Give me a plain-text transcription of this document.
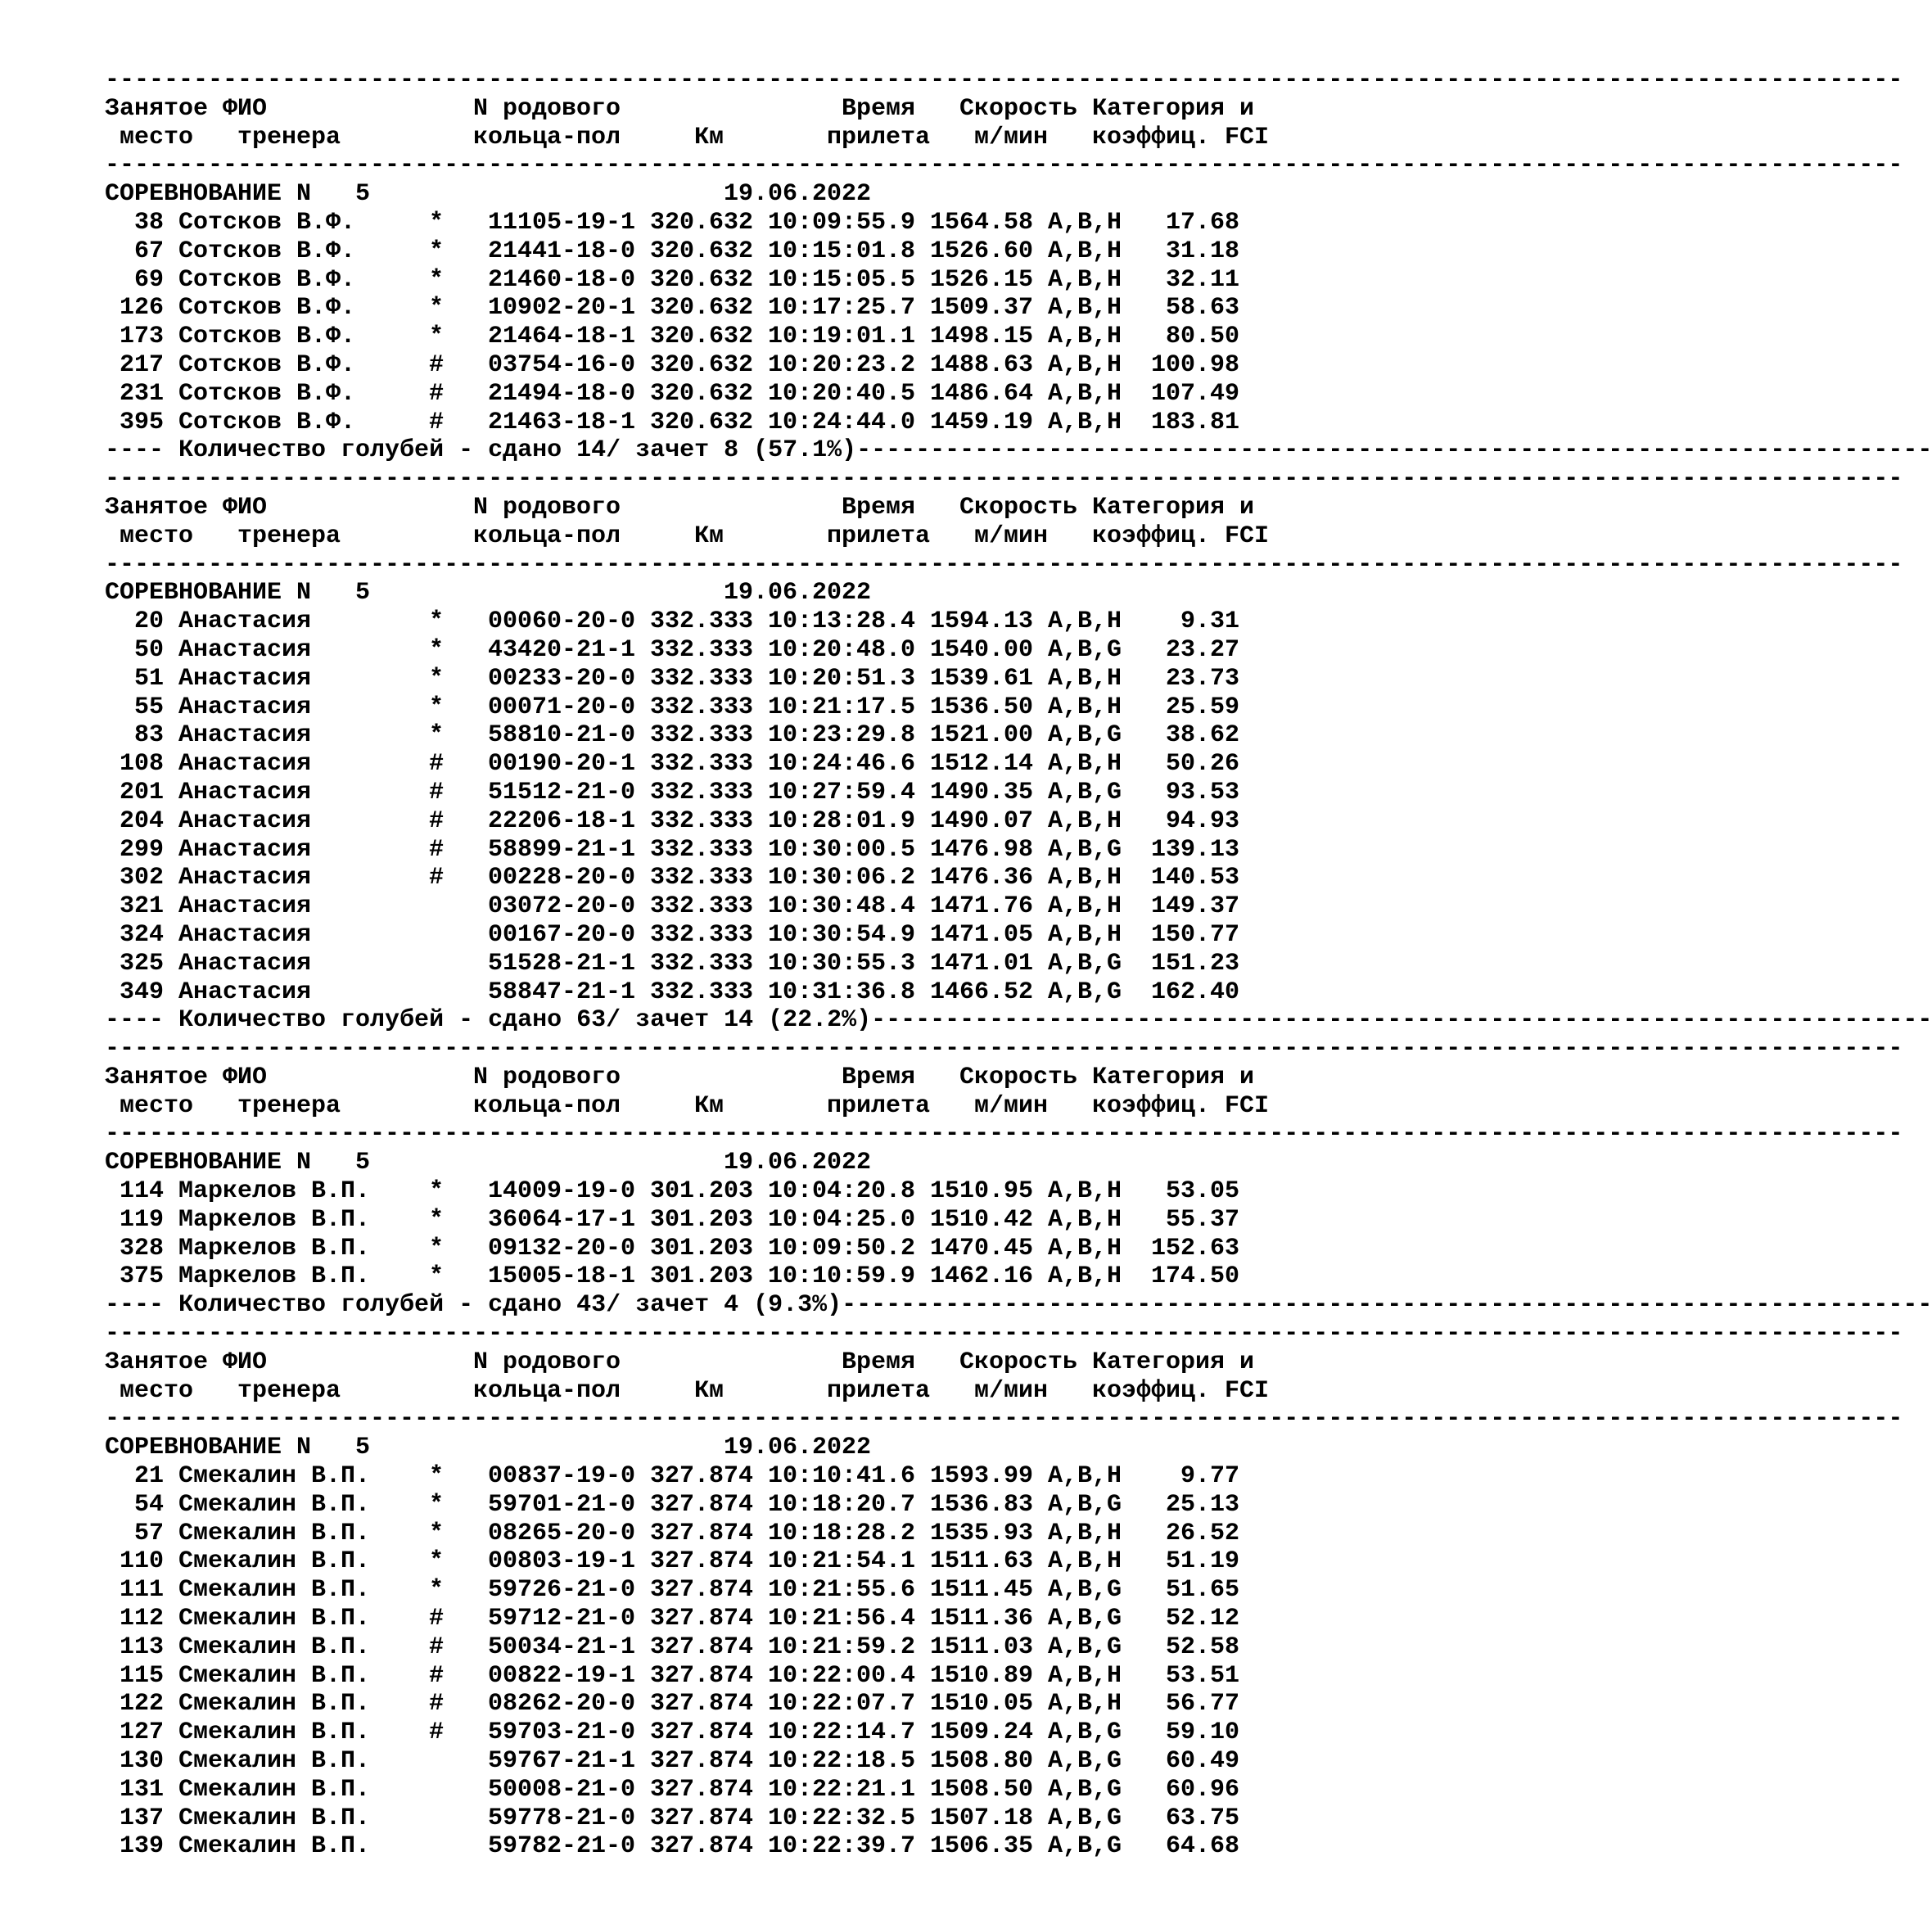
--------------------------------------------------------------------------------------------------------------------------
Занятое ФИО	N родового	Время Скорость Категория и
место тренера	кольца-пол	Км	прилета м/мин коэфф иц. FCI
--------------------------------------------------------------------------------------------------------------------------
СОРЕВНОВАНИЕ N 5	19.06.2022
38 Сотсков В.Ф.	* 11105-19-1 320.632 10:09:55.9 1564.58 A,B,H	17.68
67 Сотсков В.Ф.	* 21441-18-0 320.632 10:15:01.8 1526.60 A,B,H	31.18
69 Сотсков В.Ф.	* 21460-18-0 320.632 10:15:05.5 1526.15 A,B,H	32.11
126 Сотсков В.Ф.	* 10902-20-1 320.632 10:17:25.7 1509.37 A,B,H	58.63
173 Сотсков В.Ф.	* 21464-18-1 320.632 10:19:01.1 1498.15 A,B,H	80.50
217 Сотсков В.Ф.	# 03754-16-0 320.632 10:20:23.2 1488.63 A,B,H 100.98
231 Сотсков В.Ф.	# 21494-18-0 320.632 10:20:40.5 1486.64 A,B,H 107.49
395 Сотсков В.Ф.	# 21463-18-1 320.632 10:24:44.0 1459.19 A,B,H 183.81
---- Количество голубей - сдано 14/ зачет 8 (57.1%)-------------------------------------------------------------------------
--------------------------------------------------------------------------------------------------------------------------
Занятое ФИО	N родового	Время Скорость Категория и
место тренера	кольца-пол	Км	прилета м/мин коэфф иц. FCI
--------------------------------------------------------------------------------------------------------------------------
СОРЕВНОВАНИЕ N 5	19.06.2022
20 Анастасия	* 00060-20-0 332.333 10:13:28.4 1594.13 A,B,H	9.31
50 Анастасия	* 43420-21-1 332.333 10:20:48.0 1540.00 A,B,G	23.27
51 Анастасия	* 00233-20-0 332.333 10:20:51.3 1539.61 A,B,H	23.73
55 Анастасия	* 00071-20-0 332.333 10:21:17.5 1536.50 A,B,H	25.59
83 Анастасия	* 58810-21-0 332.333 10:23:29.8 1521.00 A,B,G	38.62
108 Анастасия	# 00190-20-1 332.333 10:24:46.6 1512.14 A,B,H	50.26
201 Анастасия	# 51512-21-0 332.333 10:27:59.4 1490.35 A,B,G	93.53
204 Анастасия	# 22206-18-1 332.333 10:28:01.9 1490.07 A,B,H	94.93
299 Анастасия	# 58899-21-1 332.333 10:30:00.5 1476.98 A,B,G 139.13
302 Анастасия	# 00228-20-0 332.333 10:30:06.2 1476.36 A,B,H 140.53
321 Анастасия	03072-20-0 332.333 10:30:48.4 1471.76 A,B,H 149.37
324 Анастасия	00167-20-0 332.333 10:30:54.9 1471.05 A,B,H 150.77
325 Анастасия	51528-21-1 332.333 10:30:55.3 1471.01 A,B,G 151.23
349 Анастасия	58847-21-1 332.333 10:31:36.8 1466.52 A,B,G 162.40
---- Количество голубей - сдано 63/ зачет 14 (22.2%)------------------------------------------------------------------------
--------------------------------------------------------------------------------------------------------------------------
Занятое ФИО	N родового	Время Скорость Категория и
место тренера	кольца-пол	Км	прилета м/мин коэфф иц. FCI
--------------------------------------------------------------------------------------------------------------------------
СОРЕВНОВАНИЕ N 5	19.06.2022
114 Маркелов В.П.	* 14009-19-0 301.203 10:04:20.8 1510.95 A,B,H	53.05
119 Маркелов В.П.	* 36064-17-1 301.203 10:04:25.0 1510.42 A,B,H	55.37
328 Маркелов В.П.	* 09132-20-0 301.203 10:09:50.2 1470.45 A,B,H 152.63
375 Маркелов В.П.	* 15005-18-1 301.203 10:10:59.9 1462.16 A,B,H 174.50
---- Количество голубей - сдано 43/ зачет 4 (9.3%)--------------------------------------------------------------------------
--------------------------------------------------------------------------------------------------------------------------
Занятое ФИО	N родового	Время Скорость Категория и
место тренера	кольца-пол	Км	прилета м/мин коэфф иц. FCI
--------------------------------------------------------------------------------------------------------------------------
СОРЕВНОВАНИЕ N 5	19.06.2022
21 Смекалин В.П.	* 00837-19-0 327.874 10:10:41.6 1593.99 A,B,H	9.77
54 Смекалин В.П.	* 59701-21-0 327.874 10:18:20.7 1536.83 A,B,G	25.13
57 Смекалин В.П.	* 08265-20-0 327.874 10:18:28.2 1535.93 A,B,H	26.52
110 Смекалин В.П.	* 00803-19-1 327.874 10:21:54.1 1511.63 A,B,H	51.19
111 Смекалин В.П.	* 59726-21-0 327.874 10:21:55.6 1511.45 A,B,G	51.65
112 Смекалин В.П.	# 59712-21-0 327.874 10:21:56.4 1511.36 A,B,G	52.12
113 Смекалин В.П.	# 50034-21-1 327.874 10:21:59.2 1511.03 A,B,G	52.58
115 Смекалин В.П.	# 00822-19-1 327.874 10:22:00.4 1510.89 A,B,H	53.51
122 Смекалин В.П.	# 08262-20-0 327.874 10:22:07.7 1510.05 A,B,H	56.77
127 Смекалин В.П.	# 59703-21-0 327.874 10:22:14.7 1509.24 A,B,G	59.10
130 Смекалин В.П.	59767-21-1 327.874 10:22:18.5 1508.80 A,B,G	60.49
131 Смекалин В.П.	50008-21-0 327.874 10:22:21.1 1508.50 A,B,G	60.96
137 Смекалин В.П.	59778-21-0 327.874 10:22:32.5 1507.18 A,B,G	63.75
139 Смекалин В.П.	59782-21-0 327.874 10:22:39.7 1506.35 A,B,G	64.68
